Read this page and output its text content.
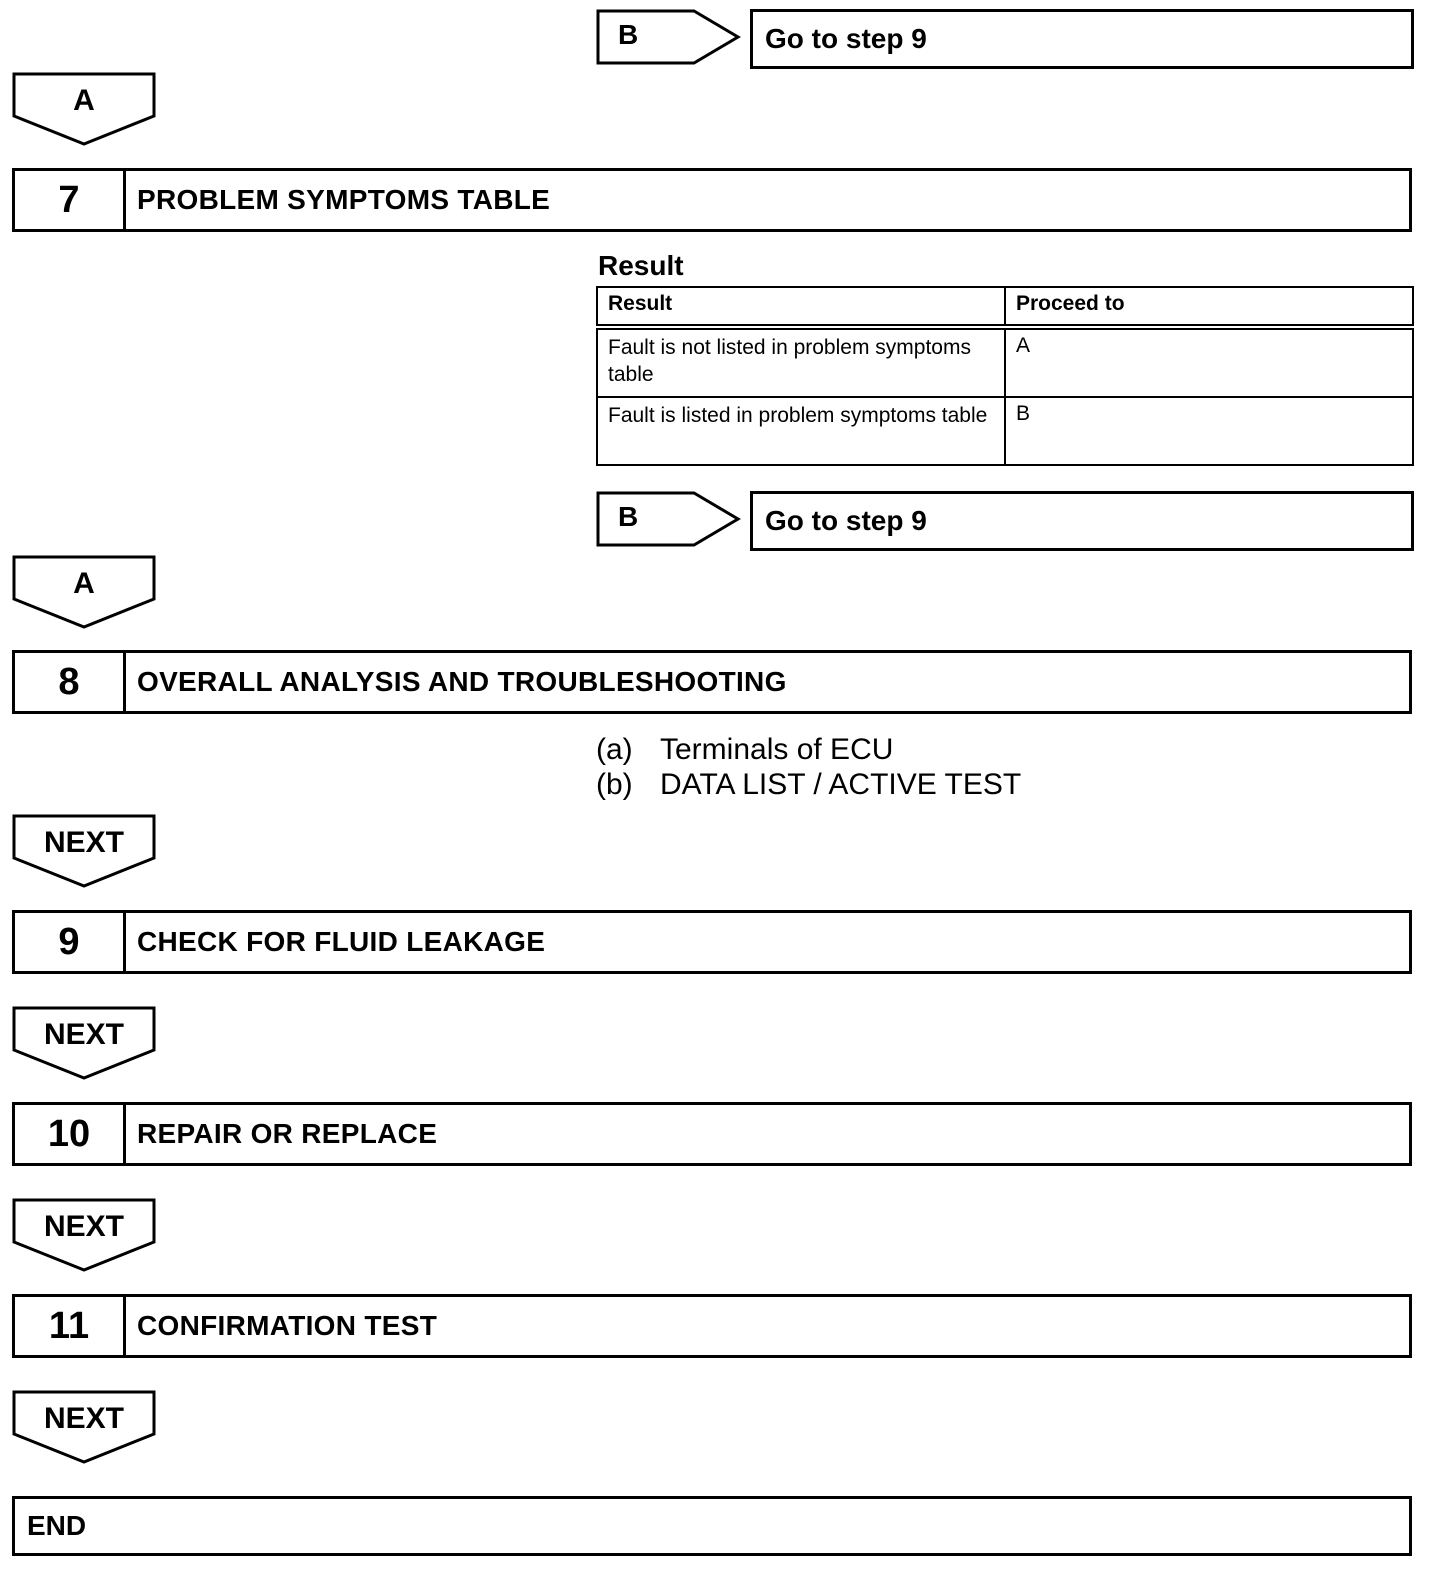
B	Go to step 9
A
7	PROBLEM SYMPTOMS TABLE
Result
Result	Proceed to
Fault is not listed in problem symptoms table	A
Fault is listed in problem symptoms table	B
B	Go to step 9
A
8	OVERALL ANALYSIS AND TROUBLESHOOTING
(a) Terminals of ECU
(b) DATA LIST / ACTIVE TEST
NEXT
9	CHECK FOR FLUID LEAKAGE
NEXT
10	REPAIR OR REPLACE
NEXT
11	CONFIRMATION TEST
NEXT
END
